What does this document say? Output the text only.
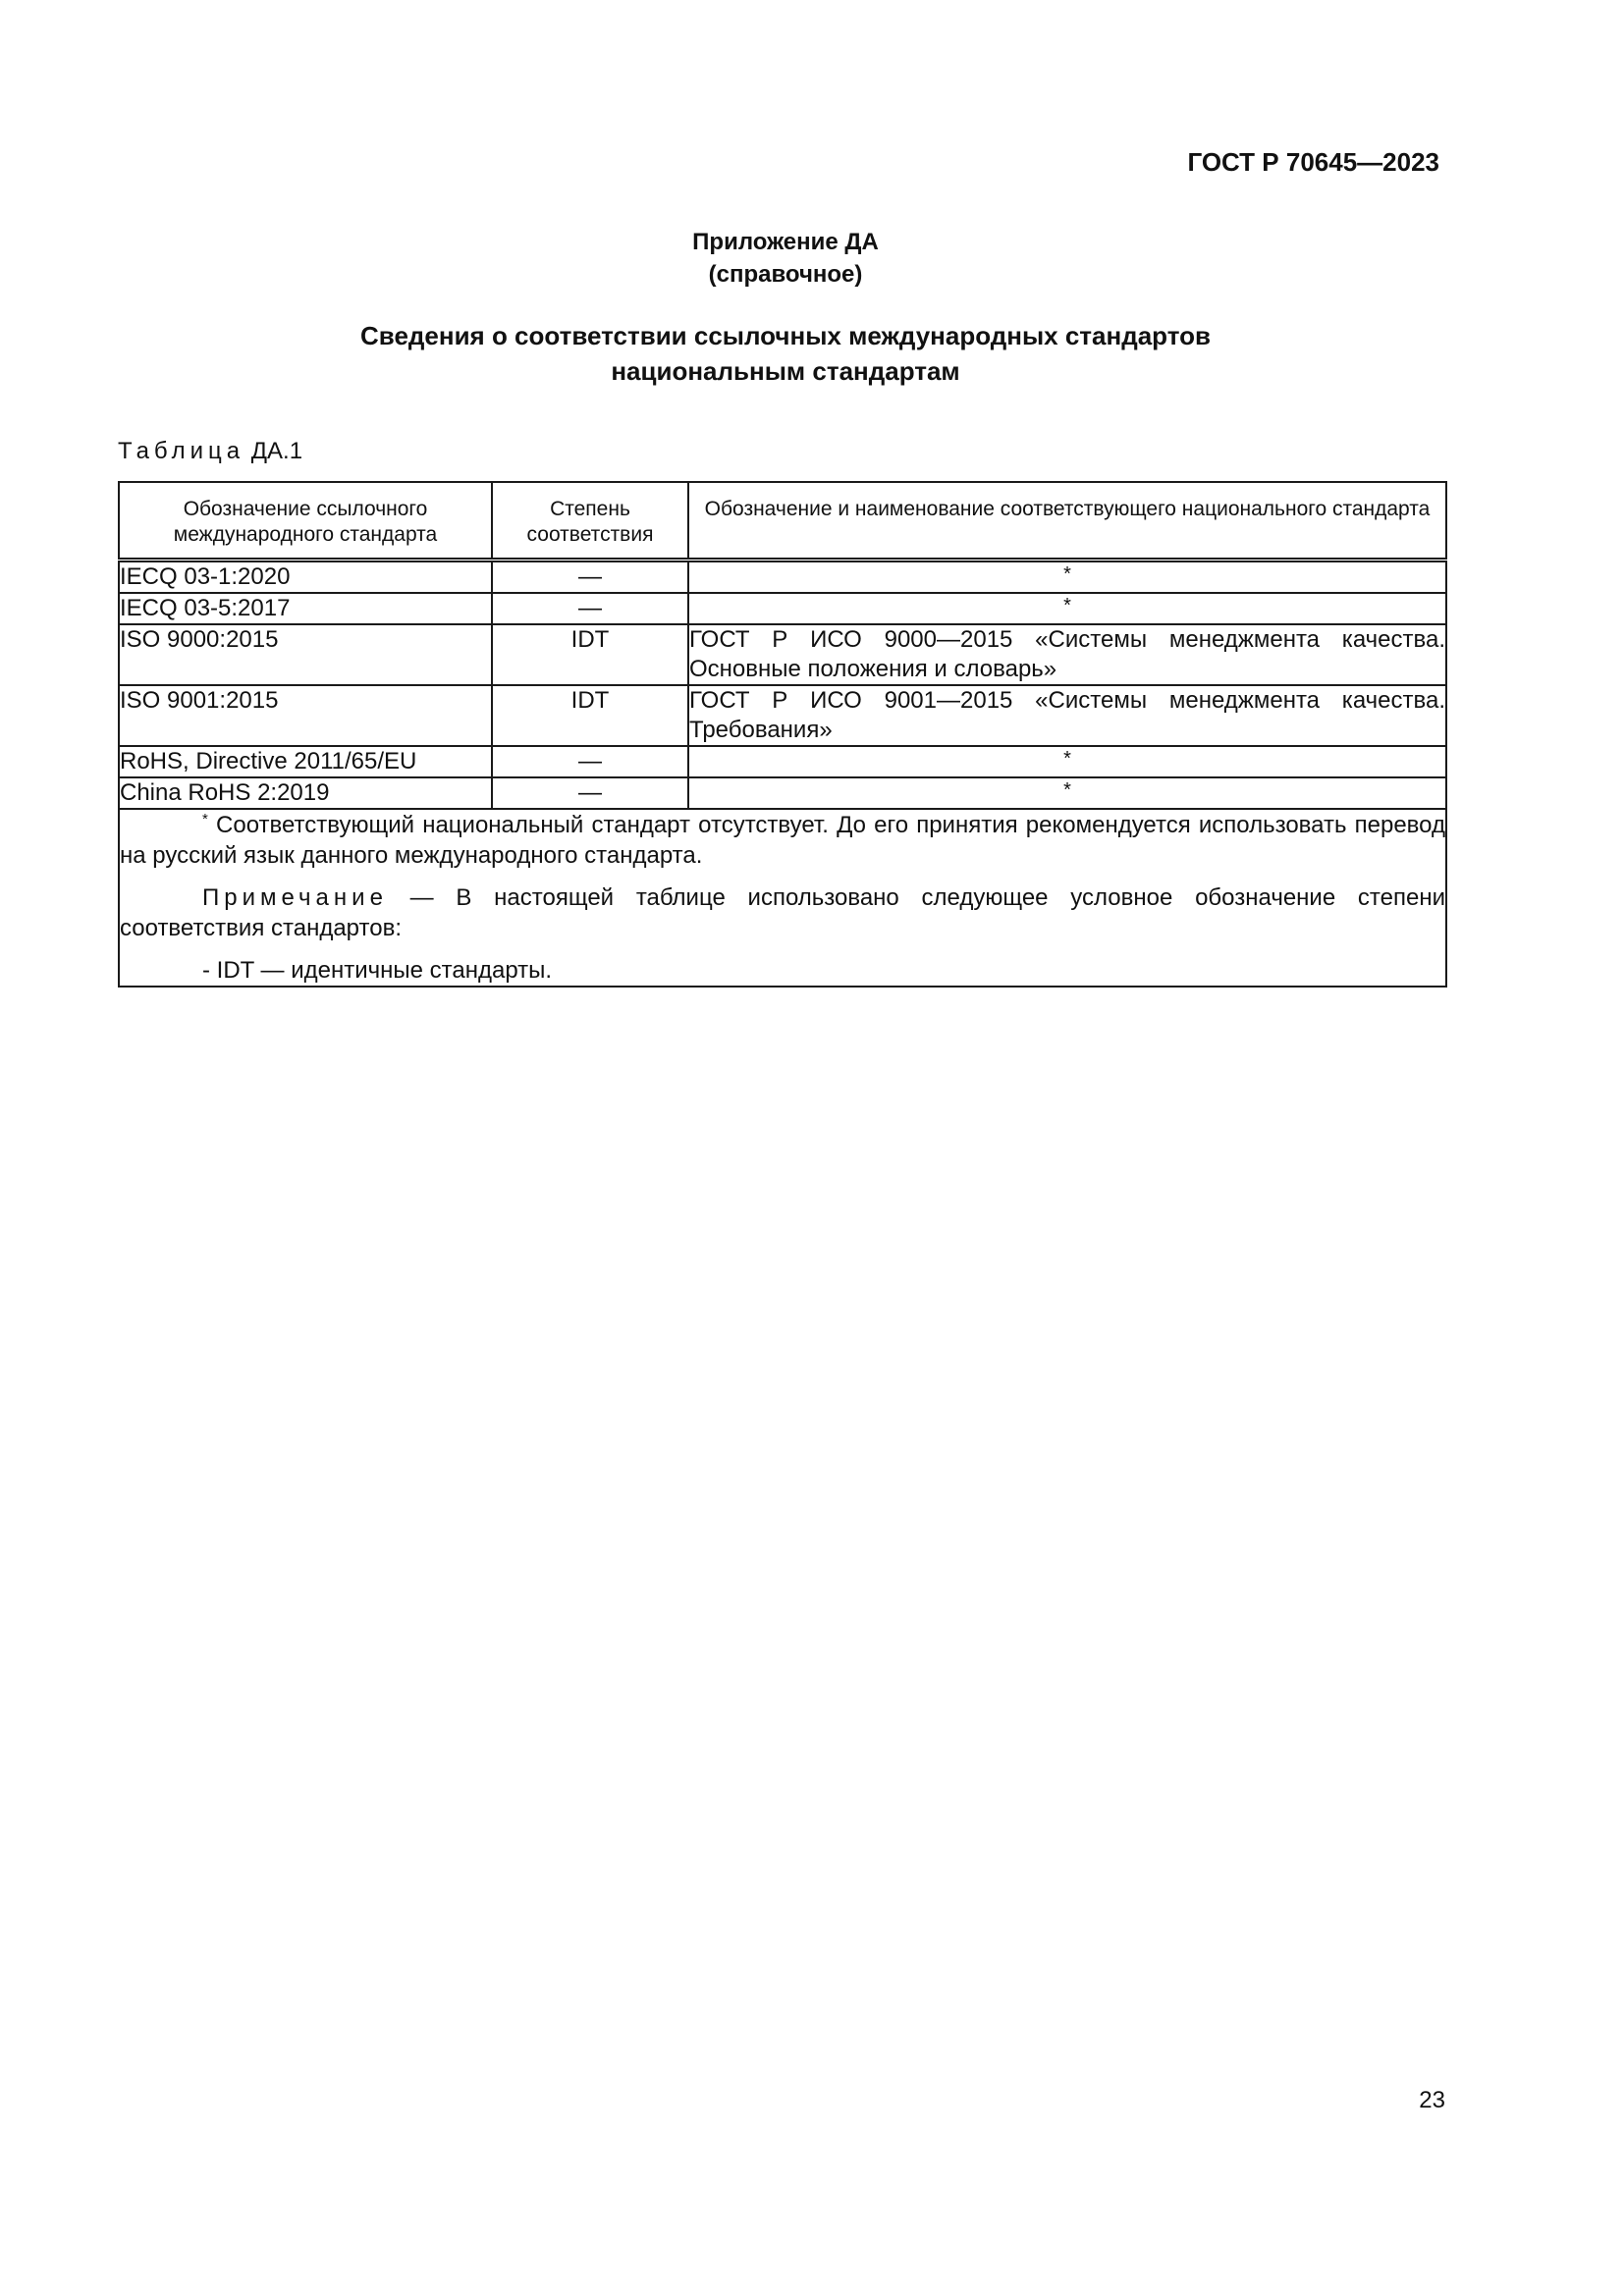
ГОСТ Р 70645—2023
Приложение ДА
(справочное)
Сведения о соответствии ссылочных международных стандартов
национальным стандартам
Таблица ДА.1
Обозначение ссылочного международного стандарта	Степень соответствия	Обозначение и наименование соответствующего национального стандарта
IECQ 03-1:2020	—	*
IECQ 03-5:2017	—	*
ISO 9000:2015	IDT	ГОСТ Р ИСО 9000—2015 «Системы менеджмента качества. Основные положения и словарь»
ISO 9001:2015	IDT	ГОСТ Р ИСО 9001—2015 «Системы менеджмента качества. Требования»
RoHS, Directive 2011/65/EU	—	*
China RoHS 2:2019	—	*

* Соответствующий национальный стандарт отсутствует. До его принятия рекомендуется использовать перевод на русский язык данного международного стандарта.

Примечание — В настоящей таблице использовано следующее условное обозначение степени соответствия стандартов:

- IDT — идентичные стандарты.		

23
